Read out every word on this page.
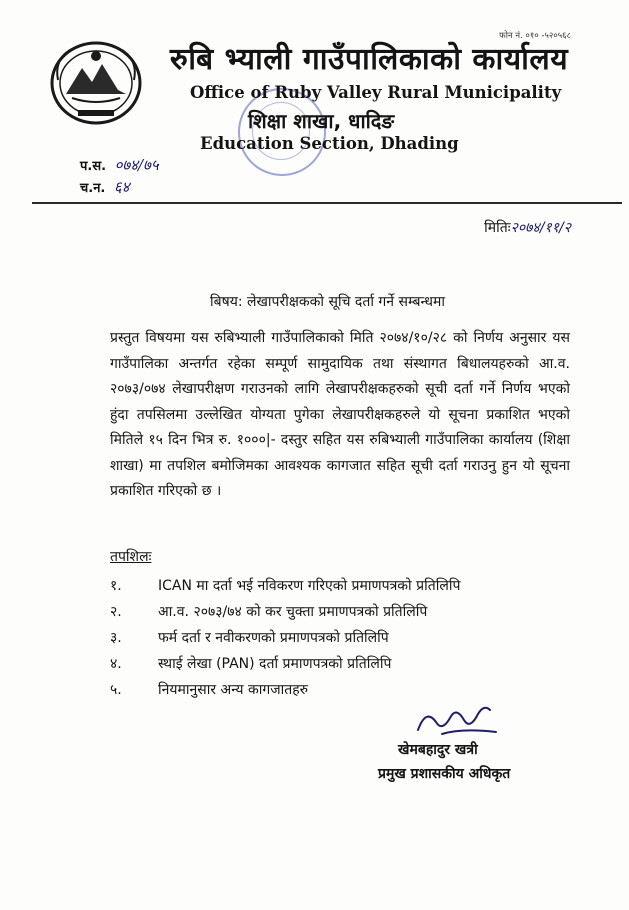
फोन नं. ०१० -५२०५६८
रुबि भ्याली गाउँपालिकाको कार्यालय
Office of Ruby Valley Rural Municipality
शिक्षा शाखा, धादिङ
Education Section, Dhading
प.स. ०७४/७५
च.न. ६४
मितिः२०७४/११/२
बिषय: लेखापरीक्षकको सूचि दर्ता गर्ने सम्बन्धमा
प्रस्तुत विषयमा यस रुबिभ्याली गाउँपालिकाको मिति २०७४/१०/२८ को निर्णय अनुसार यस गाउँपालिका अन्तर्गत रहेका सम्पूर्ण सामुदायिक तथा संस्थागत बिधालयहरुको आ.व. २०७३/०७४ लेखापरीक्षण गराउनको लागि लेखापरीक्षकहरुको सूची दर्ता गर्ने निर्णय भएको हुंदा तपसिलमा उल्लेखित योग्यता पुगेका लेखापरीक्षकहरुले यो सूचना प्रकाशित भएको मितिले १५ दिन भित्र रु. १०००|- दस्तुर सहित यस रुबिभ्याली गाउँपालिका कार्यालय (शिक्षा शाखा) मा तपशिल बमोजिमका आवश्यक कागजात सहित सूची दर्ता गराउनु हुन यो सूचना प्रकाशित गरिएको छ ।
तपशिलः
१.	ICAN मा दर्ता भई नविकरण गरिएको प्रमाणपत्रको प्रतिलिपि
२.	आ.व. २०७३/७४ को कर चुक्ता प्रमाणपत्रको प्रतिलिपि
३.	फर्म दर्ता र नवीकरणको प्रमाणपत्रको प्रतिलिपि
४.	स्थाई लेखा (PAN) दर्ता प्रमाणपत्रको प्रतिलिपि
५.	नियमानुसार अन्य कागजातहरु
खेमबहादुर खत्री
प्रमुख प्रशासकीय अधिकृत
